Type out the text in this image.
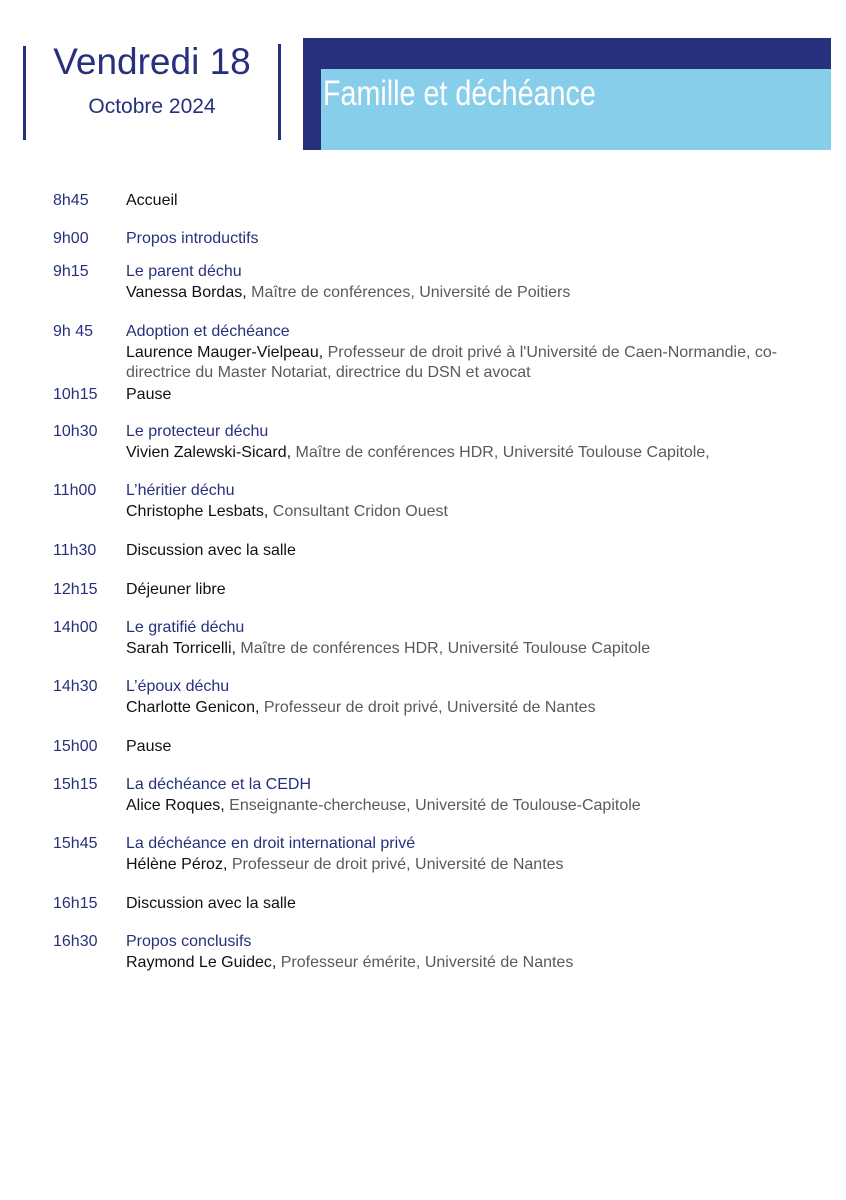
Vendredi 18
Octobre 2024	Famille et déchéance
8h45 Accueil
9h00 Propos introductifs
9h15 Le parent déchu
Vanessa Bordas, Maître de conférences, Université de Poitiers
9h 45 Adoption et déchéance
Laurence Mauger-Vielpeau, Professeur de droit privé à l'Université de Caen-Normandie, co-directrice du Master Notariat, directrice du DSN et avocat
10h15 Pause
10h30 Le protecteur déchu
Vivien Zalewski-Sicard, Maître de conférences HDR, Université Toulouse Capitole,
11h00 L’héritier déchu
Christophe Lesbats, Consultant Cridon Ouest
11h30 Discussion avec la salle
12h15 Déjeuner libre
14h00 Le gratifié déchu
Sarah Torricelli, Maître de conférences HDR, Université Toulouse Capitole
14h30 L’époux déchu
Charlotte Genicon, Professeur de droit privé, Université de Nantes
15h00 Pause
15h15 La déchéance et la CEDH
Alice Roques, Enseignante-chercheuse, Université de Toulouse-Capitole
15h45 La déchéance en droit international privé
Hélène Péroz, Professeur de droit privé, Université de Nantes
16h15 Discussion avec la salle
16h30 Propos conclusifs
Raymond Le Guidec, Professeur émérite, Université de Nantes
